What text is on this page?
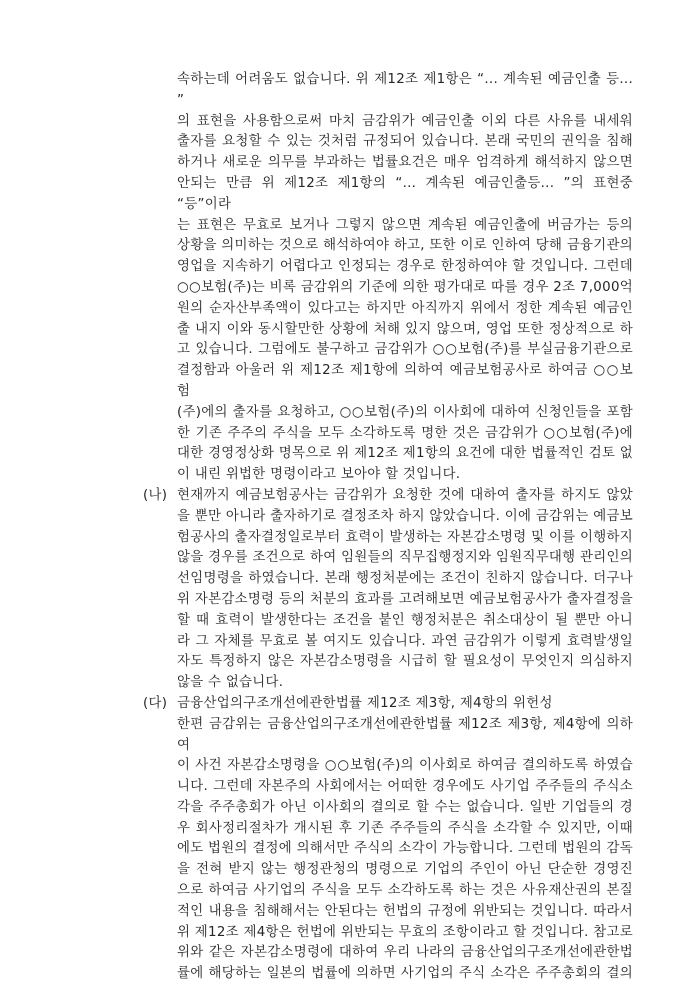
속하는데 어려움도 없습니다. 위 제12조 제1항은 “... 계속된 예금인출 등... ”
의 표현을 사용함으로써 마치 금감위가 예금인출 이외 다른 사유를 내세워
출자를 요청할 수 있는 것처럼 규정되어 있습니다. 본래 국민의 권익을 침해
하거나 새로운 의무를 부과하는 법률요건은 매우 엄격하게 해석하지 않으면
안되는 만큼 위 제12조 제1항의 “... 계속된 예금인출등... ”의 표현중 “등”이라
는 표현은 무효로 보거나 그렇지 않으면 계속된 예금인출에 버금가는 등의
상황을 의미하는 것으로 해석하여야 하고, 또한 이로 인하여 당해 금융기관의
영업을 지속하기 어렵다고 인정되는 경우로 한정하여야 할 것입니다. 그런데
○○보험(주)는 비록 금감위의 기준에 의한 평가대로 따를 경우 2조 7,000억
원의 순자산부족액이 있다고는 하지만 아직까지 위에서 정한 계속된 예금인
출 내지 이와 동시할만한 상황에 처해 있지 않으며, 영업 또한 정상적으로 하
고 있습니다. 그럼에도 불구하고 금감위가 ○○보험(주)를 부실금융기관으로
결정함과 아울러 위 제12조 제1항에 의하여 예금보험공사로 하여금 ○○보험
(주)에의 출자를 요청하고, ○○보험(주)의 이사회에 대하여 신청인들을 포함
한 기존 주주의 주식을 모두 소각하도록 명한 것은 금감위가 ○○보험(주)에
대한 경영정상화 명목으로 위 제12조 제1항의 요건에 대한 법률적인 검토 없
이 내린 위법한 명령이라고 보아야 할 것입니다.
(나) 현재까지 예금보험공사는 금감위가 요청한 것에 대하여 출자를 하지도 않았
을 뿐만 아니라 출자하기로 결정조차 하지 않았습니다. 이에 금감위는 예금보
험공사의 출자결정일로부터 효력이 발생하는 자본감소명령 및 이를 이행하지
않을 경우를 조건으로 하여 임원들의 직무집행정지와 임원직무대행 관리인의
선임명령을 하였습니다. 본래 행정처분에는 조건이 친하지 않습니다. 더구나
위 자본감소명령 등의 처분의 효과를 고려해보면 예금보험공사가 출자결정을
할 때 효력이 발생한다는 조건을 붙인 행정처분은 취소대상이 될 뿐만 아니
라 그 자체를 무효로 볼 여지도 있습니다. 과연 금감위가 이렇게 효력발생일
자도 특정하지 않은 자본감소명령을 시급히 할 필요성이 무엇인지 의심하지
않을 수 없습니다.
(다) 금융산업의구조개선에관한법률 제12조 제3항, 제4항의 위헌성
한편 금감위는 금융산업의구조개선에관한법률 제12조 제3항, 제4항에 의하여
이 사건 자본감소명령을 ○○보험(주)의 이사회로 하여금 결의하도록 하였습
니다. 그런데 자본주의 사회에서는 어떠한 경우에도 사기업 주주들의 주식소
각을 주주총회가 아닌 이사회의 결의로 할 수는 없습니다. 일반 기업들의 경
우 회사정리절차가 개시된 후 기존 주주들의 주식을 소각할 수 있지만, 이때
에도 법원의 결정에 의해서만 주식의 소각이 가능합니다. 그런데 법원의 감독
을 전혀 받지 않는 행정관청의 명령으로 기업의 주인이 아닌 단순한 경영진
으로 하여금 사기업의 주식을 모두 소각하도록 하는 것은 사유재산권의 본질
적인 내용을 침해해서는 안된다는 헌법의 규정에 위반되는 것입니다. 따라서
위 제12조 제4항은 헌법에 위반되는 무효의 조항이라고 할 것입니다. 참고로
위와 같은 자본감소명령에 대하여 우리 나라의 금융산업의구조개선에관한법
률에 해당하는 일본의 법률에 의하면 사기업의 주식 소각은 주주총회의 결의
